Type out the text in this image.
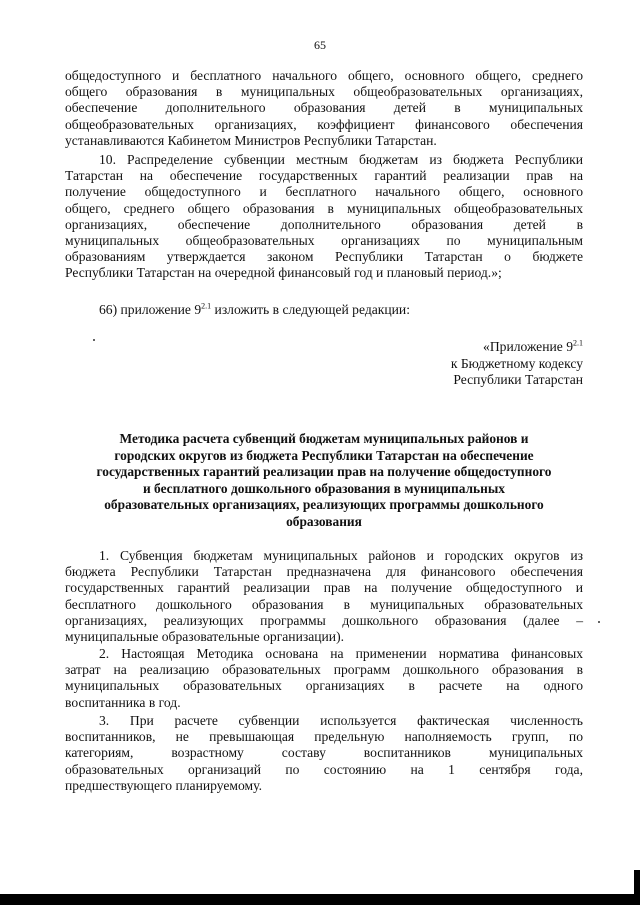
65
общедоступного и бесплатного начального общего, основного общего, среднего
общего образования в муниципальных общеобразовательных организациях,
обеспечение дополнительного образования детей в муниципальных
общеобразовательных организациях, коэффициент финансового обеспечения
устанавливаются Кабинетом Министров Республики Татарстан.
10. Распределение субвенции местным бюджетам из бюджета Республики
Татарстан на обеспечение государственных гарантий реализации прав на
получение общедоступного и бесплатного начального общего, основного
общего, среднего общего образования в муниципальных общеобразовательных
организациях, обеспечение дополнительного образования детей в
муниципальных общеобразовательных организациях по муниципальным
образованиям утверждается законом Республики Татарстан о бюджете
Республики Татарстан на очередной финансовый год и плановый период.»;
66) приложение $9^{2.1}$ изложить в следующей редакции:
«Приложение $9^{2.1}$
к Бюджетному кодексу
Республики Татарстан
Методика расчета субвенций бюджетам муниципальных районов и
городских округов из бюджета Республики Татарстан на обеспечение
государственных гарантий реализации прав на получение общедоступного
и бесплатного дошкольного образования в муниципальных
образовательных организациях, реализующих программы дошкольного
образования
1. Субвенция бюджетам муниципальных районов и городских округов из
бюджета Республики Татарстан предназначена для финансового обеспечения
государственных гарантий реализации прав на получение общедоступного и
бесплатного дошкольного образования в муниципальных образовательных
организациях, реализующих программы дошкольного образования (далее –
муниципальные образовательные организации).
2. Настоящая Методика основана на применении норматива финансовых
затрат на реализацию образовательных программ дошкольного образования в
муниципальных образовательных организациях в расчете на одного
воспитанника в год.
3. При расчете субвенции используется фактическая численность
воспитанников, не превышающая предельную наполняемость групп, по
категориям, возрастному составу воспитанников муниципальных
образовательных организаций по состоянию на 1 сентября года,
предшествующего планируемому.
